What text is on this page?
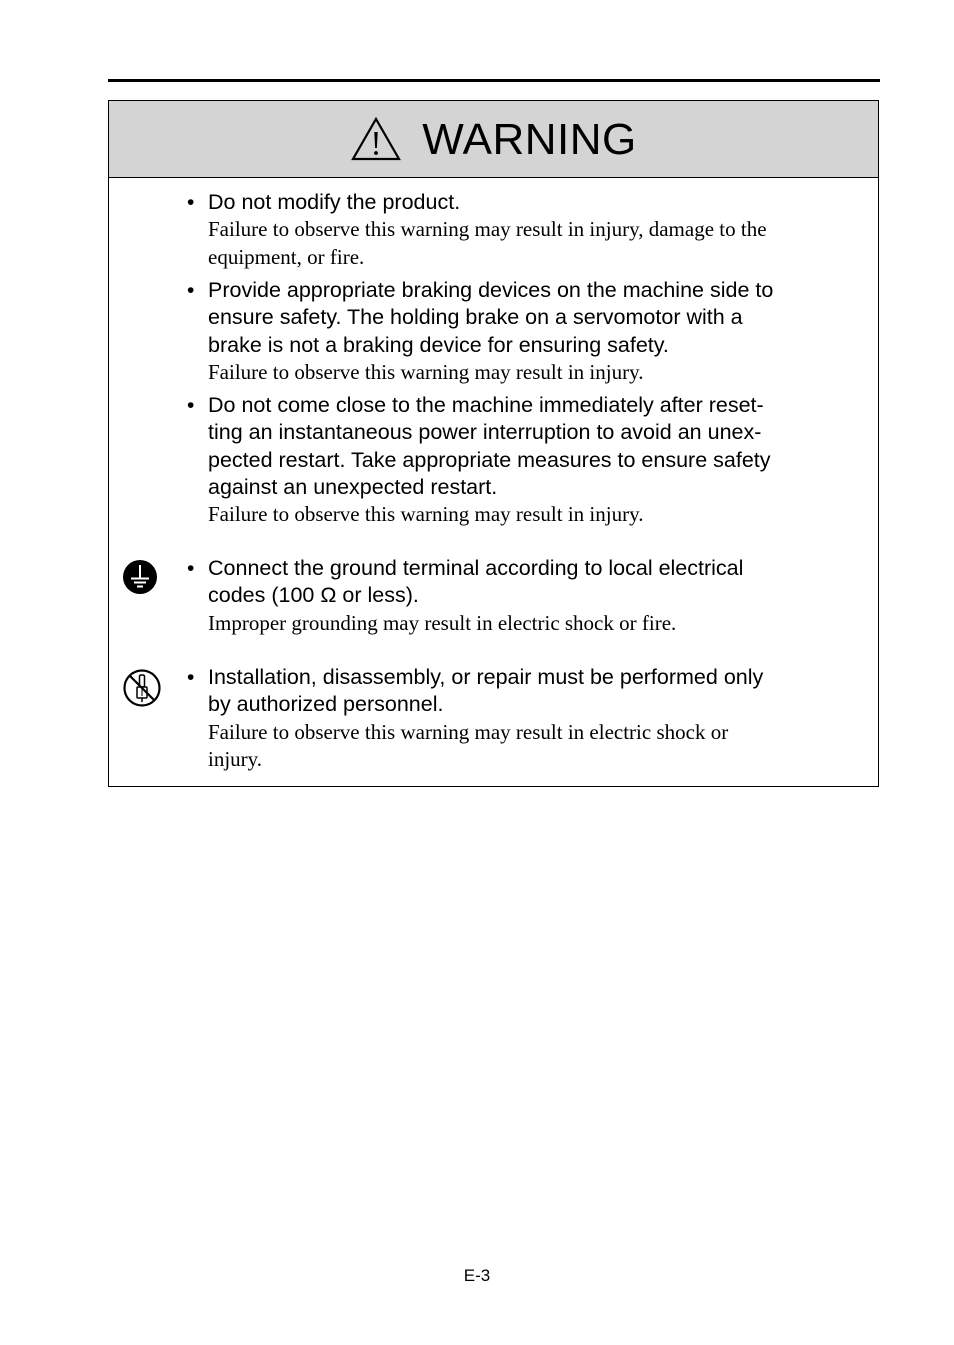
WARNING
• Do not modify the product.
Failure to observe this warning may result in injury, damage to the
equipment, or fire.
• Provide appropriate braking devices on the machine side to
ensure safety. The holding brake on a servomotor with a
brake is not a braking device for ensuring safety.
Failure to observe this warning may result in injury.
• Do not come close to the machine immediately after reset-
ting an instantaneous power interruption to avoid an unex-
pected restart. Take appropriate measures to ensure safety
against an unexpected restart.
Failure to observe this warning may result in injury.
• Connect the ground terminal according to local electrical
codes (100 Ω or less).
Improper grounding may result in electric shock or fire.
• Installation, disassembly, or repair must be performed only
by authorized personnel.
Failure to observe this warning may result in electric shock or
injury.
E-3
